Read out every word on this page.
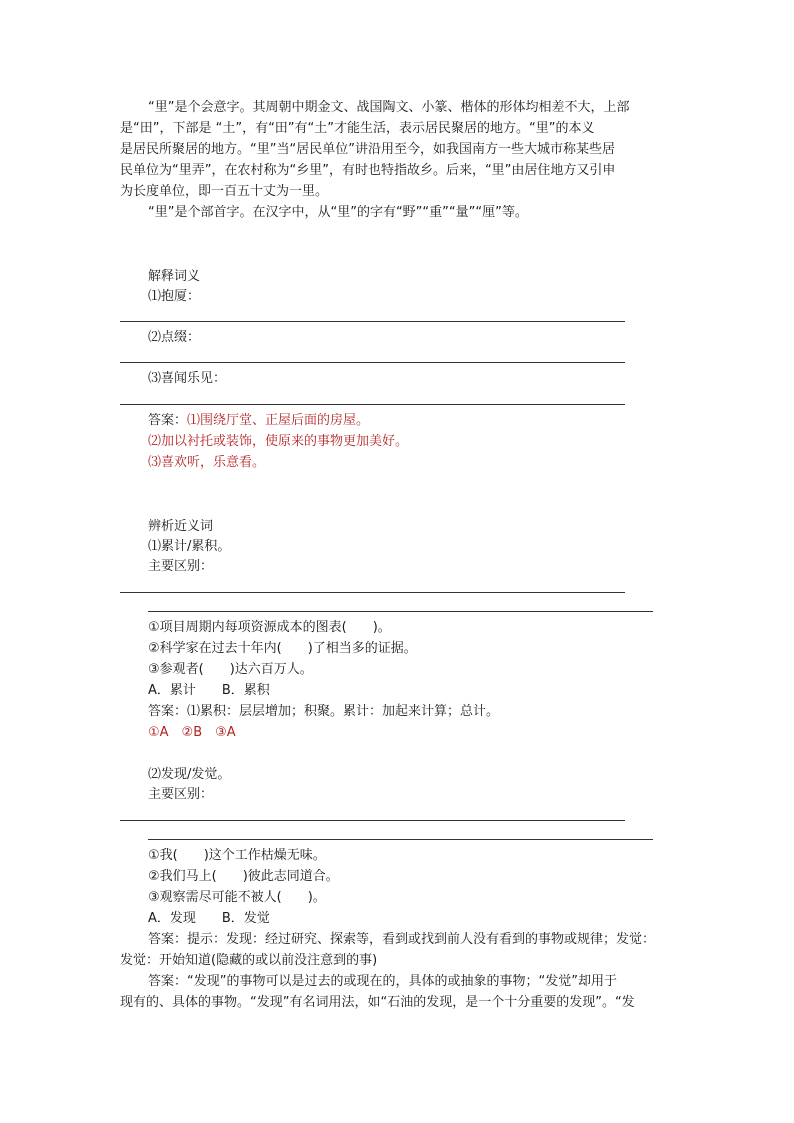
“里”是个会意字。其周朝中期金文、战国陶文、小篆、楷体的形体均相差不大，上部
是“田”，下部是 “土”，有“田”有“土”才能生活，表示居民聚居的地方。“里”的本义
是居民所聚居的地方。“里”当“居民单位”讲沿用至今，如我国南方一些大城市称某些居
民单位为“里弄”，在农村称为“乡里”，有时也特指故乡。后来，“里”由居住地方又引申
为长度单位，即一百五十丈为一里。
“里”是个部首字。在汉字中，从“里”的字有“野”“重”“量”“厘”等。
解释词义
⑴抱厦：
⑵点缀：
⑶喜闻乐见：
答案：⑴围绕厅堂、正屋后面的房屋。
⑵加以衬托或装饰，使原来的事物更加美好。
⑶喜欢听，乐意看。
辨析近义词
⑴累计/累积。
主要区别：
①项目周期内每项资源成本的图表(　　)。
②科学家在过去十年内(　　)了相当多的证据。
③参观者(　　)达六百万人。
A．累计　　B．累积
答案：⑴累积：层层增加；积聚。累计：加起来计算；总计。
①A　②B　③A
⑵发现/发觉。
主要区别：
①我(　　)这个工作枯燥无味。
②我们马上(　　)彼此志同道合。
③观察需尽可能不被人(　　)。
A．发现　　B．发觉
答案：提示：发现：经过研究、探索等，看到或找到前人没有看到的事物或规律；发觉：
发觉：开始知道(隐藏的或以前没注意到的事)
答案：“发现”的事物可以是过去的或现在的，具体的或抽象的事物；“发觉”却用于
现有的、具体的事物。“发现”有名词用法，如“石油的发现，是一个十分重要的发现”。“发
